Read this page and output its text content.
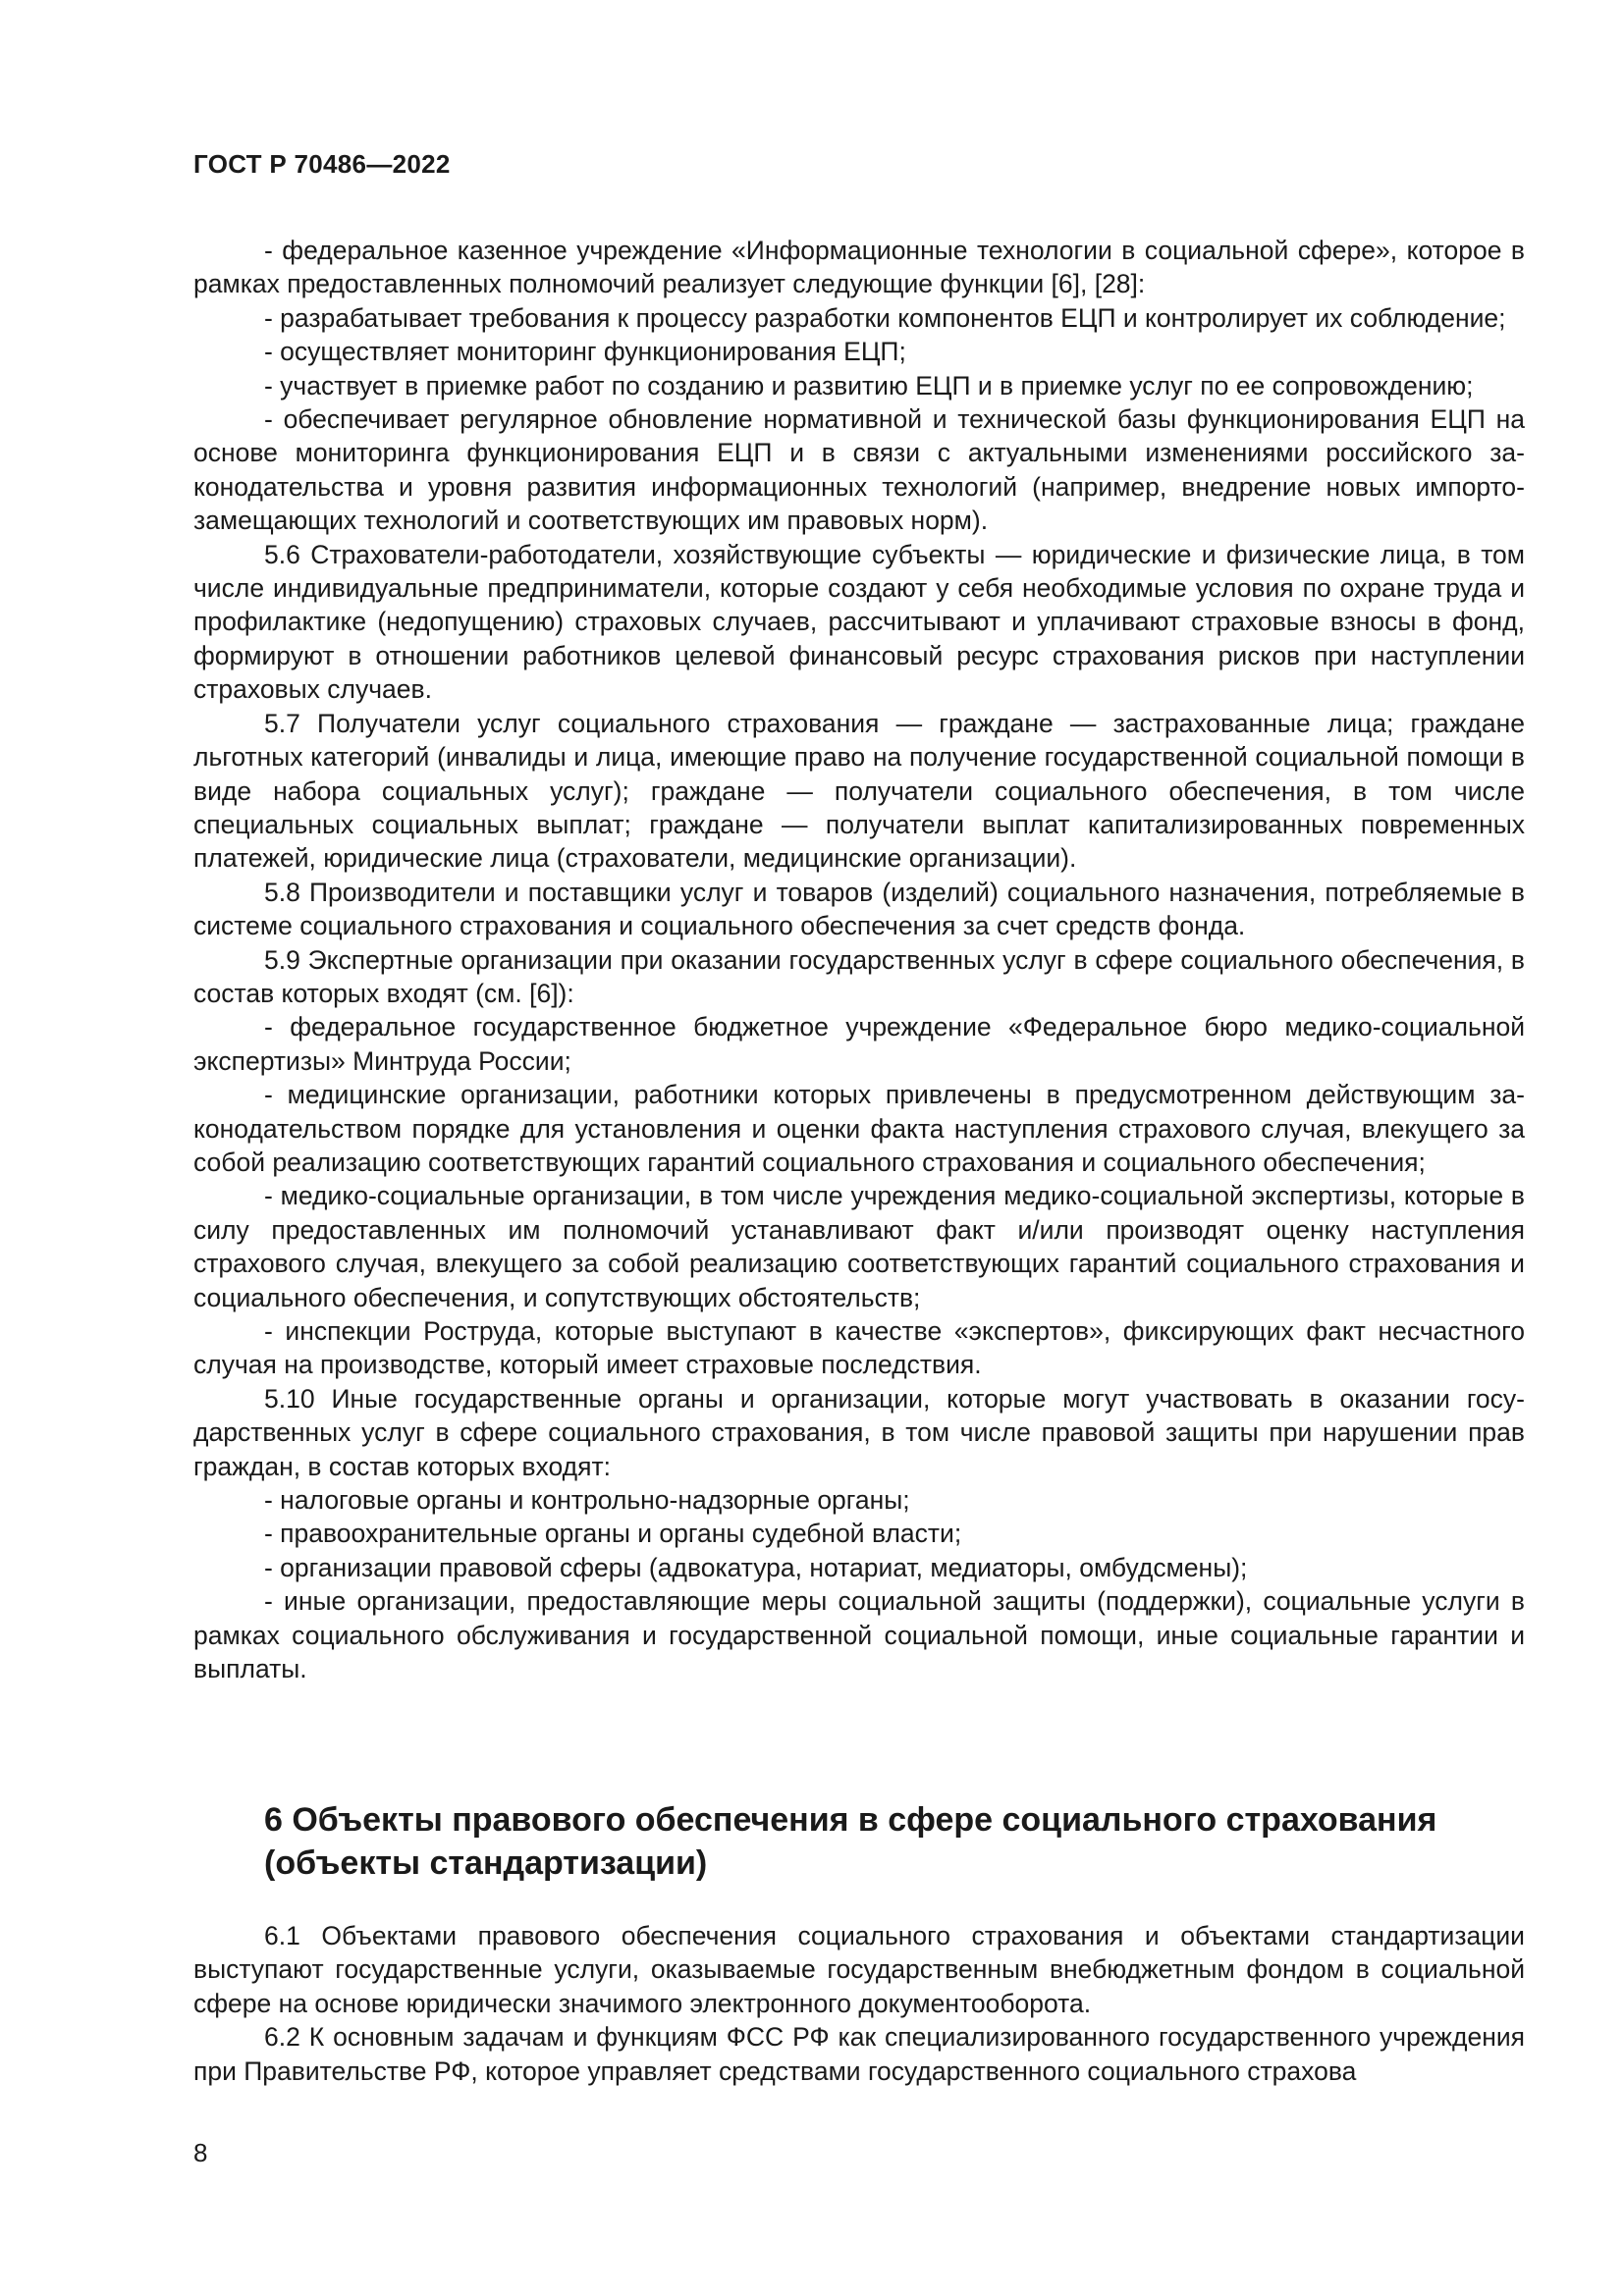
ГОСТ Р 70486—2022

- федеральное казенное учреждение «Информационные технологии в социальной сфере», которое в рамках предоставленных полномочий реализует следующие функции [6], [28]:

- разрабатывает требования к процессу разработки компонентов ЕЦП и контролирует их соблюдение;

- осуществляет мониторинг функционирования ЕЦП;

- участвует в приемке работ по созданию и развитию ЕЦП и в приемке услуг по ее сопровождению;

- обеспечивает регулярное обновление нормативной и технической базы функционирования ЕЦП на основе мониторинга функционирования ЕЦП и в связи с актуальными изменениями российского законодательства и уровня развития информационных технологий (например, внедрение новых импортозамещающих технологий и соответствующих им правовых норм).

5.6 Страхователи-работодатели, хозяйствующие субъекты — юридические и физические лица, в том числе индивидуальные предприниматели, которые создают у себя необходимые условия по охране труда и профилактике (недопущению) страховых случаев, рассчитывают и уплачивают страховые взносы в фонд, формируют в отношении работников целевой финансовый ресурс страхования рисков при наступлении страховых случаев.

5.7 Получатели услуг социального страхования — граждане — застрахованные лица; граждане льготных категорий (инвалиды и лица, имеющие право на получение государственной социальной помощи в виде набора социальных услуг); граждане — получатели социального обеспечения, в том числе специальных социальных выплат; граждане — получатели выплат капитализированных повременных платежей, юридические лица (страхователи, медицинские организации).

5.8 Производители и поставщики услуг и товаров (изделий) социального назначения, потребляемые в системе социального страхования и социального обеспечения за счет средств фонда.

5.9 Экспертные организации при оказании государственных услуг в сфере социального обеспечения, в состав которых входят (см. [6]):

- федеральное государственное бюджетное учреждение «Федеральное бюро медико-социальной экспертизы» Минтруда России;

- медицинские организации, работники которых привлечены в предусмотренном действующим законодательством порядке для установления и оценки факта наступления страхового случая, влекущего за собой реализацию соответствующих гарантий социального страхования и социального обеспечения;

- медико-социальные организации, в том числе учреждения медико-социальной экспертизы, которые в силу предоставленных им полномочий устанавливают факт и/или производят оценку наступления страхового случая, влекущего за собой реализацию соответствующих гарантий социального страхования и социального обеспечения, и сопутствующих обстоятельств;

- инспекции Роструда, которые выступают в качестве «экспертов», фиксирующих факт несчастного случая на производстве, который имеет страховые последствия.

5.10 Иные государственные органы и организации, которые могут участвовать в оказании государственных услуг в сфере социального страхования, в том числе правовой защиты при нарушении прав граждан, в состав которых входят:

- налоговые органы и контрольно-надзорные органы;

- правоохранительные органы и органы судебной власти;

- организации правовой сферы (адвокатура, нотариат, медиаторы, омбудсмены);

- иные организации, предоставляющие меры социальной защиты (поддержки), социальные услуги в рамках социального обслуживания и государственной социальной помощи, иные социальные гарантии и выплаты.

6 Объекты правового обеспечения в сфере социального страхования (объекты стандартизации)

6.1 Объектами правового обеспечения социального страхования и объектами стандартизации выступают государственные услуги, оказываемые государственным внебюджетным фондом в социальной сфере на основе юридически значимого электронного документооборота.

6.2 К основным задачам и функциям ФСС РФ как специализированного государственного учреждения при Правительстве РФ, которое управляет средствами государственного социального страхова

8
